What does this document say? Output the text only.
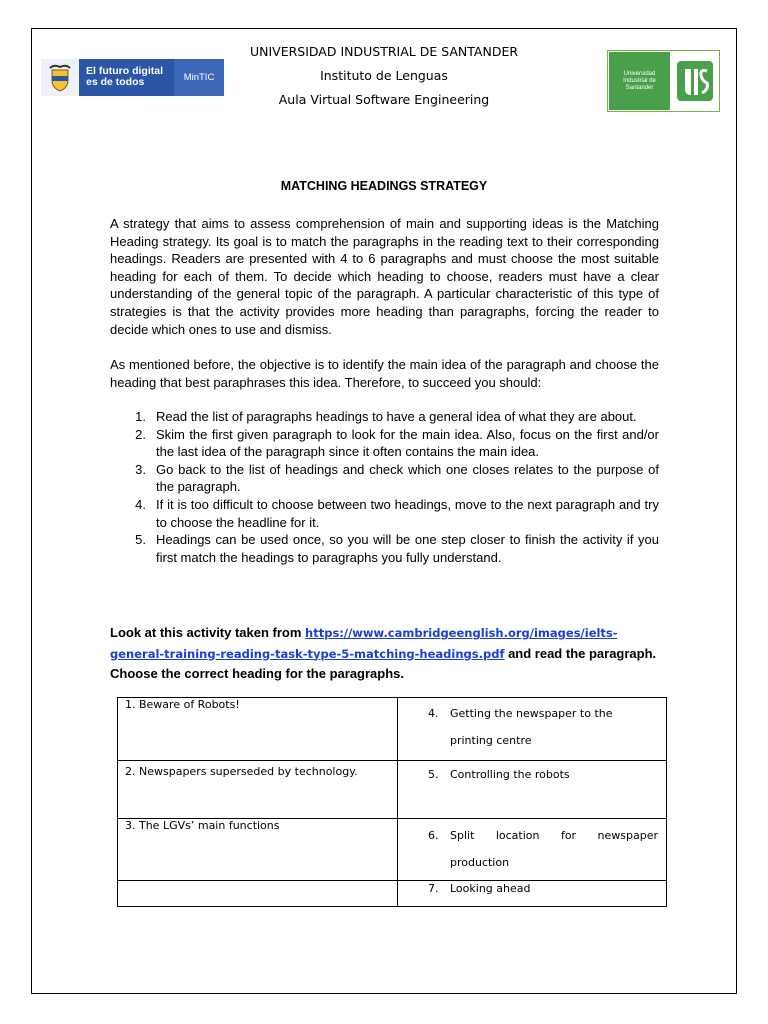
UNIVERSIDAD INDUSTRIAL DE SANTANDER
Instituto de Lenguas
Aula Virtual Software Engineering
El futuro digital
es de todos	MinTIC	Universidad
Industrial de
Santander
MATCHING HEADINGS STRATEGY
A strategy that aims to assess comprehension of main and supporting ideas is the Matching Heading strategy. Its goal is to match the paragraphs in the reading text to their corresponding headings. Readers are presented with 4 to 6 paragraphs and must choose the most suitable heading for each of them. To decide which heading to choose, readers must have a clear understanding of the general topic of the paragraph. A particular characteristic of this type of strategies is that the activity provides more heading than paragraphs, forcing the reader to decide which ones to use and dismiss.
As mentioned before, the objective is to identify the main idea of the paragraph and choose the heading that best paraphrases this idea. Therefore, to succeed you should:
1. Read the list of paragraphs headings to have a general idea of what they are about.
2. Skim the first given paragraph to look for the main idea. Also, focus on the first and/or the last idea of the paragraph since it often contains the main idea.
3. Go back to the list of headings and check which one closes relates to the purpose of the paragraph.
4. If it is too difficult to choose between two headings, move to the next paragraph and try to choose the headline for it.
5. Headings can be used once, so you will be one step closer to finish the activity if you first match the headings to paragraphs you fully understand.
Look at this activity taken from https://www.cambridgeenglish.org/images/ielts-general-training-reading-task-type-5-matching-headings.pdf and read the paragraph. Choose the correct heading for the paragraphs.
1. Beware of Robots!	4. Getting the newspaper to the printing centre
2. Newspapers superseded by technology.	5. Controlling the robots
3. The LGVs’ main functions	6. Split location for newspaper production
	7. Looking ahead
